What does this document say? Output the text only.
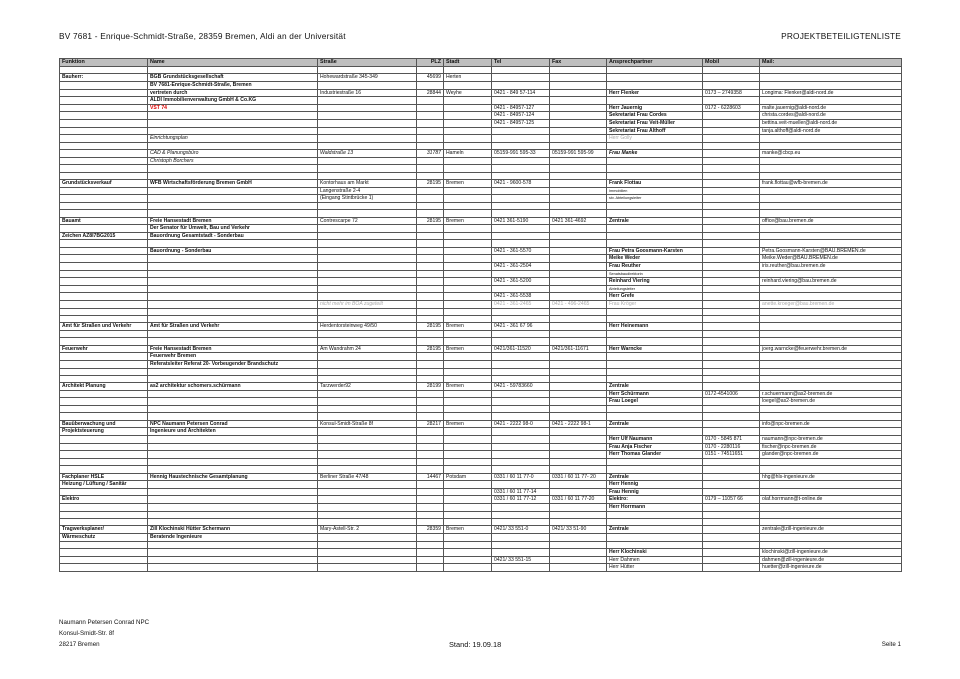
BV 7681 - Enrique-Schmidt-Straße, 28359 Bremen, Aldi an der Universität	PROJEKTBETEILIGTENLISTE
Funktion	Name	Straße	PLZ	Stadt	Tel	Fax	Ansprechpartner	Mobil	Mail:

Bauherr:	BGB Grundstücksgesellschaft	Hohewardstraße 345-349	45699	Herten					
	BV 7681-Enrique-Schmidt-Straße, Bremen								
	vertreten durch	Industriestraße 16	28844	Weyhe	0421 - 849 57-114		Herr Flenker	0173 – 2749358	Longima: Flenker@aldi-nord.de
	ALDI Immobilienverwaltung GmbH & Co.KG								
	VST 74				0421 - 84957-127		Herr Jauernig	0172 - 6228603	malte.jauernig@aldi-nord.de
					0421 - 84957-124		Sekretariat Frau Cordes		christa.cordes@aldi-nord.de
					0421 - 84957-125		Sekretariat Frau Veit-Müller		bettina.veit-mueller@aldi-nord.de
							Sekretariat Frau Althoff		tanja.althoff@aldi-nord.de
	Einrichtungsplan						Herr Golly		

	CAD & Planungsbüro	Waldstraße 13	31787	Hameln	05159-991 595-33	05159-991 595-99	Frau Manke		manke@cbcp.eu
	Christoph Borchers								

Grundstücksverkauf	WFB Wirtschaftsförderung Bremen GmbH	Kontorhaus am Markt	28195	Bremen	0421 - 9600-578		Frank Flottau		frank.flottau@wfb-bremen.de
		Langenstraße 2-4					Immobilien		
		(Eingang Stintbrücke 1)					stv. Abteilungsleiter		

Bauamt	Freie Hansestadt Bremen	Contrescarpe 72	28195	Bremen	0421 361-5190	0421 361-4692	Zentrale		office@bau.bremen.de
	Der Senator für Umwelt, Bau und Verkehr								
Zeichen AZ8I7BG2015	Bauordnung Gesamtstadt - Sonderbau								

	Bauordnung - Sonderbau				0421 - 361-5570		Frau Petra Goosmann-Karsten		Petra.Goosmann-Karsten@BAU.BREMEN.de
							Meike Weder		Meike.Weder@BAU.BREMEN.de
					0421 - 361-2504		Frau Reuther		iris.reuther@bau.bremen.de
							Senatsbaudirektorin		
					0421 - 361-5200		Reinhard Viering		reinhard.viering@bau.bremen.de
							Abteilungsleiter		
					0421 - 361-5538		Herr Grefe		
		nicht mehr im BOA zugeteilt			0421 - 361-2465	0421 - 496-2465	Frau Kröger		anette.kroeger@bau.bremen.de

Amt für Straßen und Verkehr	Amt für Straßen und Verkehr	Herdentorsteinweg 49/50	28195	Bremen	0421 - 361 67 96		Herr Heinemann		

Feuerwehr	Freie Hansestadt Bremen	Am Wandrahm 24	28195	Bremen	0421/361-11520	0421/361-11671	Herr Warncke		joerg.warncke@feuerwehr.bremen.de
	Feuerwehr Bremen								
	Referatsleiter Referat 20- Vorbeugender Brandschutz								

Architekt Planung	as2 architektur schomers.schürmann	Tarzwerder92	28199	Bremen	0421 - 59783660		Zentrale		
							Herr Schürmann	0172-4541006	r.schuermann@as2-bremen.de
							Frau Loegel		loegel@as2-bremen.de

Bauüberwachung und	NPC Naumann Petersen Conrad	Konsul-Smidt-Straße 8f	28217	Bremen	0421 - 2222 98-0	0421 - 2222 98-1	Zentrale		info@npc-bremen.de
Projektsteuerung	Ingenieure und Architekten								
							Herr Ulf Naumann	0170 - 5845 871	naumann@npc-bremen.de
							Frau Anja Fischer	0170 - 2280116	fischer@npc-bremen.de
							Herr Thomas Glander	0151 - 74511651	glander@npc-bremen.de

Fachplaner HSLE	Hennig Haustechnische Gesamtplanung	Berliner Straße 47/48	14467	Potsdam	0331 / 60 11 77-0	0331 / 60 11 77- 20	Zentrale		hhg@hls-ingenieure.de
Heizung / Lüftung / Sanitär							Herr Hennig		
					0331 / 60 11 77-14		Frau Hennig		
Elektro					0331 / 60 11 77-12	0331 / 60 11 77-20	Elektro:	0179 – 11057 66	olaf.horrmann@t-online.de
							Herr Horrmann		

Tragwerksplaner/	Zill Klochinski Hütter Schermann	Mary-Astell-Str. 2	28359	Bremen	0421/ 33 551-0	0421/ 33 51-90	Zentrale		zentrale@zill-ingenieure.de
Wärmeschutz	Beratende Ingenieure								

							Herr Klochinski		klochinski@zill-ingenieure.de
					0421/ 33 551-15		Herr Dahmen		dahmen@zill-ingenieure.de
							Herr Hütter		huetter@zill-ingenieure.de
Naumann Petersen Conrad NPC
Konsul-Smidt-Str. 8f
28217 Bremen	Stand: 19.09.18	Seite 1
